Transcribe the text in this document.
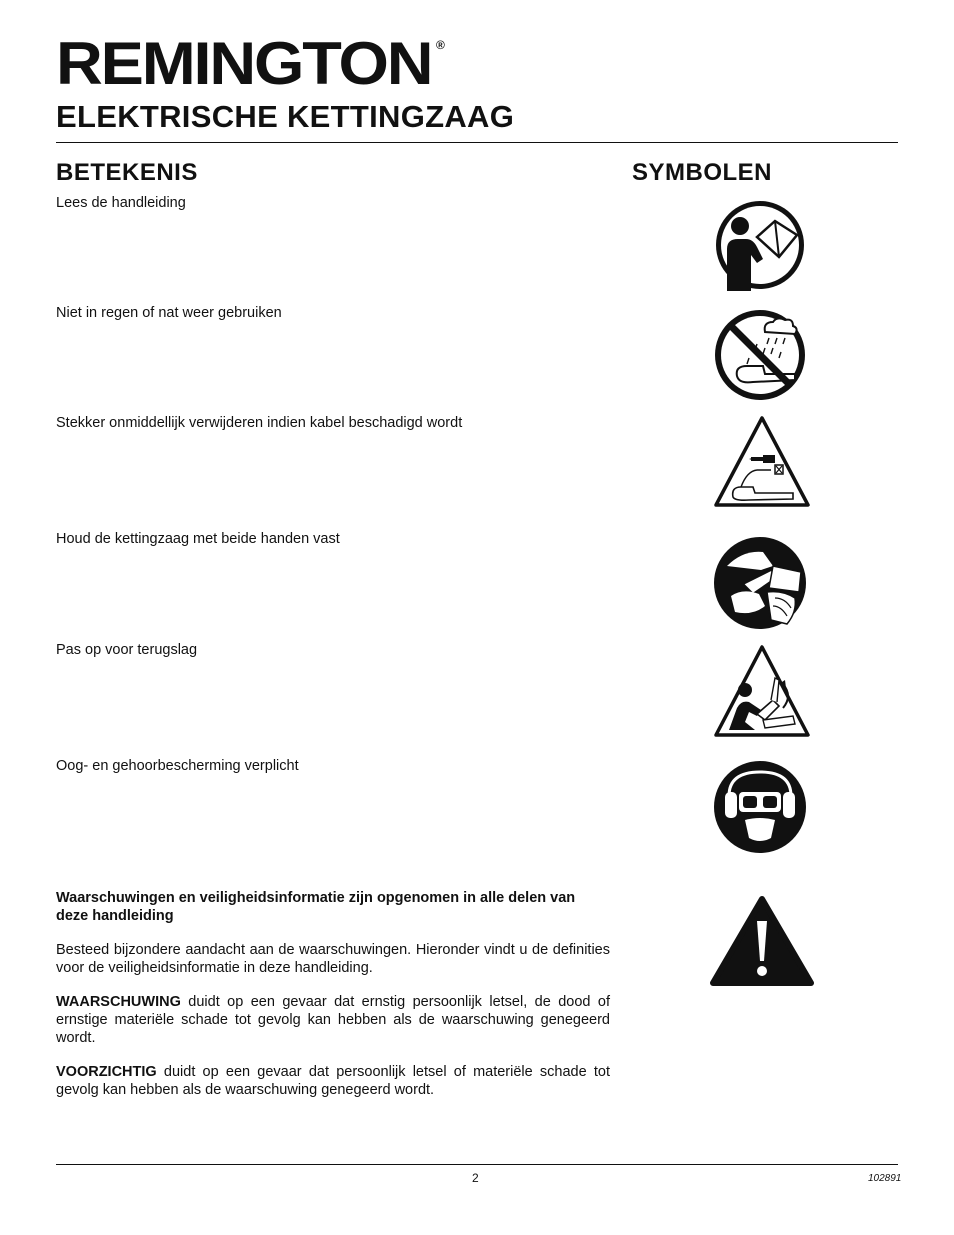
REMINGTON ®
ELEKTRISCHE KETTINGZAAG
BETEKENIS	SYMBOLEN
Lees de handleiding
Niet in regen of nat weer gebruiken
Stekker onmiddellijk verwijderen indien kabel beschadigd wordt
Houd de kettingzaag met beide handen vast
Pas op voor terugslag
Oog- en gehoorbescherming verplicht

Waarschuwingen en veiligheidsinformatie zijn opgenomen in alle delen van deze handleiding

Besteed bijzondere aandacht aan de waarschuwingen. Hieronder vindt u de definities voor de veiligheidsinformatie in deze handleiding.

WAARSCHUWING duidt op een gevaar dat ernstig persoonlijk letsel, de dood of ernstige materiële schade tot gevolg kan hebben als de waarschuwing genegeerd wordt.

VOORZICHTIG duidt op een gevaar dat persoonlijk letsel of materiële schade tot gevolg kan hebben als de waarschuwing genegeerd wordt.

2	102891
